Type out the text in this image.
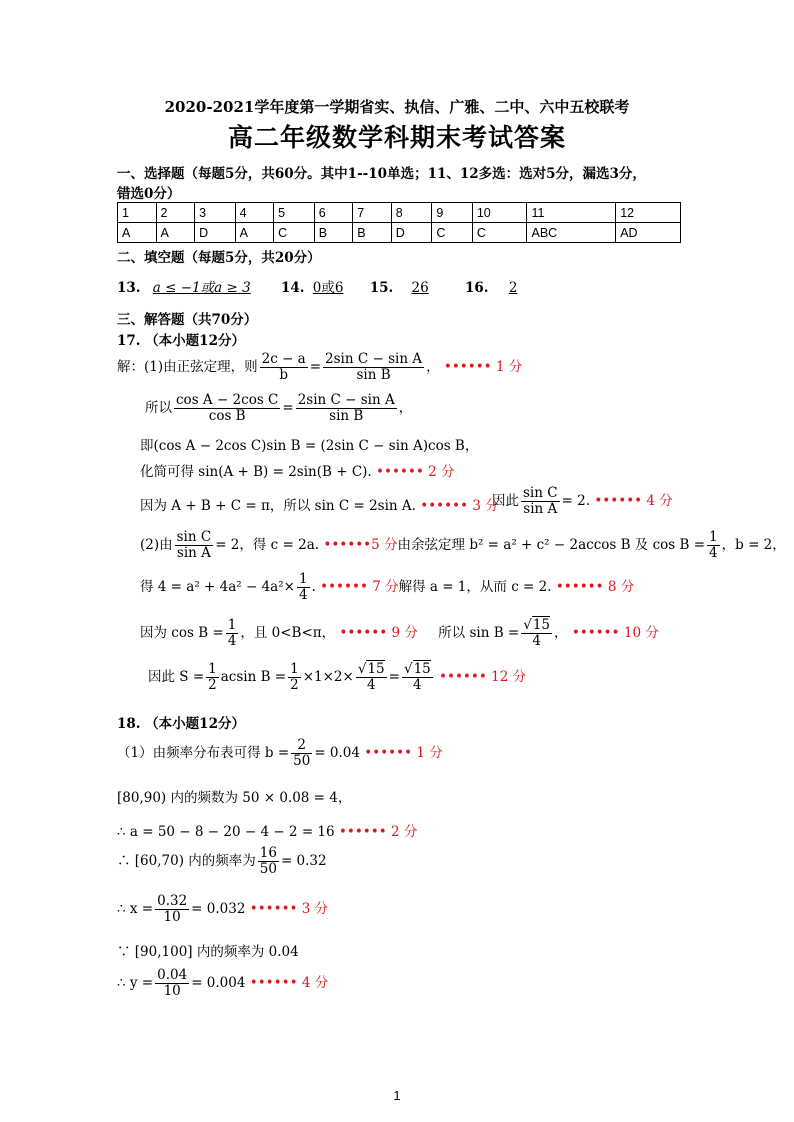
2020-2021学年度第一学期省实、执信、广雅、二中、六中五校联考
高二年级数学科期末考试答案
一、选择题（每题5分，共60分。其中1--10单选；11、12多选：选对5分，漏选3分，
错选0分）
1	2	3	4	5	6	7	8	9	10	11	12
A	A	D	A	C	B	B	D	C	C	ABC	AD
二、填空题（每题5分，共20分）
13. a ≤ −1或a ≥ 3 14. 0或6 15. 26	16. 2
三、解答题（共70分）
17. （本小题12分）
解：(1)由正弦定理，则 $\frac{2c - a}{b} = \frac{\text{2sin C − sin A}}{\text{sin B}}$ ， •••••• 1 分
所以 $\frac{\text{cos A − 2cos C}}{\text{cos B}} = \frac{\text{2sin C − sin A}}{\text{sin B}}$ ，
即(cos A − 2cos C)sin B = (2sin C − sin A)cos B，
化简可得 sin(A + B) = 2sin(B + C). •••••• 2 分
因为 A + B + C = π，所以 sin C = 2sin A. •••••• 3 分
因此 $\frac{\text{sin C}}{\text{sin A}} = 2$. •••••• 4 分
(2)由 $\frac{\text{sin C}}{\text{sin A}} = 2$，得 c = 2a. ••••••5 分由余弦定理 b² = a² + c² − 2accos B 及 $\cos B = \frac{1}{4}$ ，b = 2，
得 $4 = a^2 + 4a^2 - 4a^2\times \frac{1}{4}$ . •••••• 7 分解得 a = 1，从而 c = 2. •••••• 8 分
因为 $\cos B = \frac{1}{4}$ ，且 0<B<π， •••••• 9 分 所以 $\sin B = \frac{√15}{4}$ ， •••••• 10 分
因此 $S = \frac{1}{2}$ acsin $B = \frac{1}{2} \times 1\times 2\times \frac{√15}{4} = \frac{√15}{4}$ •••••• 12 分
18. （本小题12分）
（1）由频率分布表可得 $b = \frac{2}{50} = 0.04$ •••••• 1 分
[80,90) 内的频数为 50 × 0.08 = 4，
∴ a = 50 − 8 − 20 − 4 − 2 = 16 •••••• 2 分
∴ [60,70) 内的频率为 $\frac{16}{50} = 0.32$
∴ $x = \frac{0.32}{10} = 0.032$ •••••• 3 分
∵ [90,100] 内的频率为 0.04
∴ $y = \frac{0.04}{10} = 0.004$ •••••• 4 分
1
